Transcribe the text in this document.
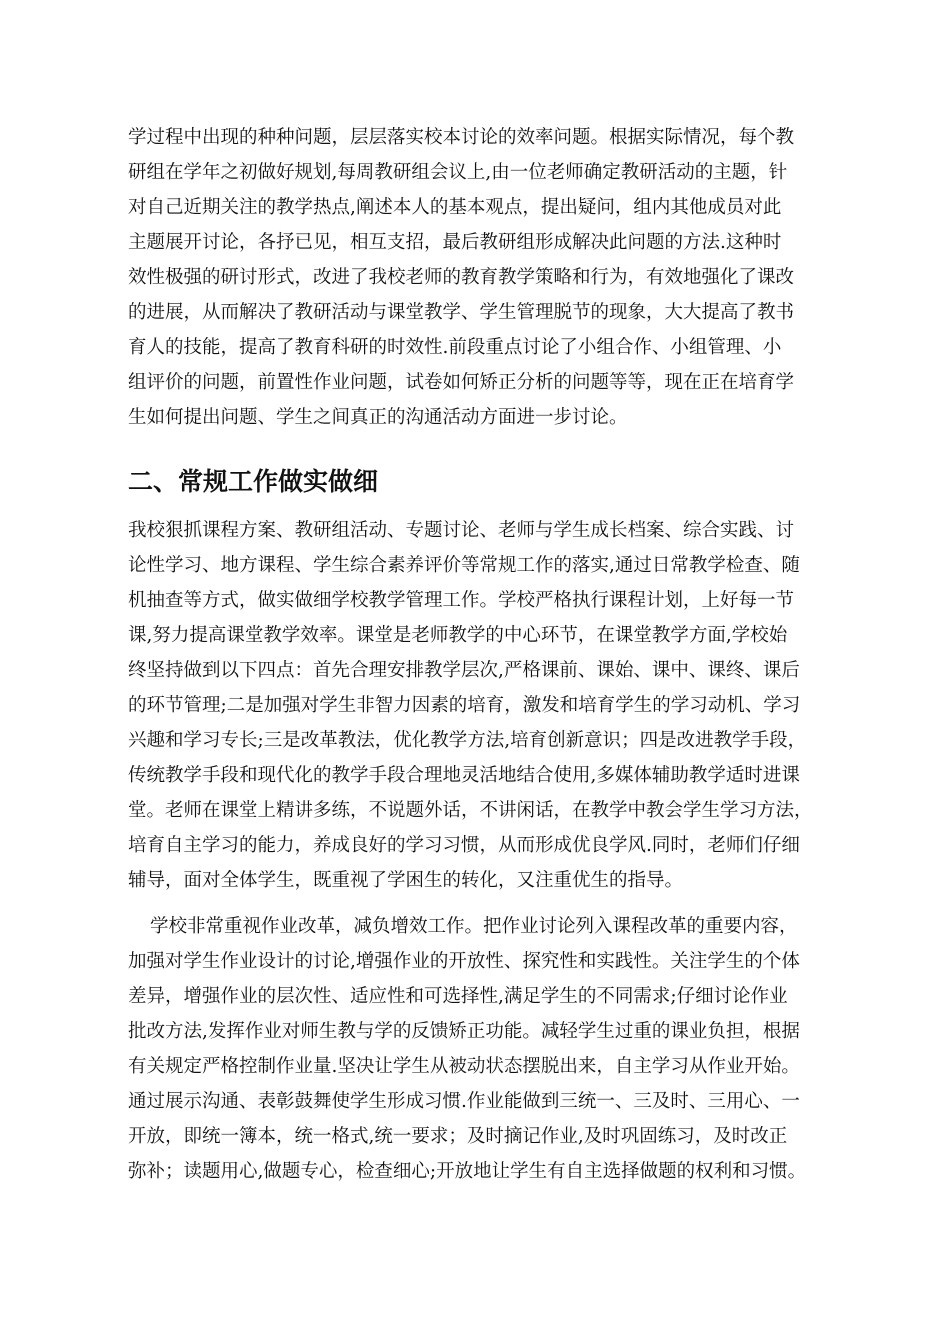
学过程中出现的种种问题，层层落实校本讨论的效率问题。根据实际情况，每个教
研组在学年之初做好规划,每周教研组会议上,由一位老师确定教研活动的主题，针
对自己近期关注的教学热点,阐述本人的基本观点，提出疑问，组内其他成员对此
主题展开讨论，各抒已见，相互支招，最后教研组形成解决此问题的方法.这种时
效性极强的研讨形式，改进了我校老师的教育教学策略和行为，有效地强化了课改
的进展，从而解决了教研活动与课堂教学、学生管理脱节的现象，大大提高了教书
育人的技能，提高了教育科研的时效性.前段重点讨论了小组合作、小组管理、小
组评价的问题，前置性作业问题，试卷如何矫正分析的问题等等，现在正在培育学
生如何提出问题、学生之间真正的沟通活动方面进一步讨论。
二、常规工作做实做细
我校狠抓课程方案、教研组活动、专题讨论、老师与学生成长档案、综合实践、讨
论性学习、地方课程、学生综合素养评价等常规工作的落实,通过日常教学检查、随
机抽查等方式，做实做细学校教学管理工作。学校严格执行课程计划，上好每一节
课,努力提高课堂教学效率。课堂是老师教学的中心环节，在课堂教学方面,学校始
终坚持做到以下四点：首先合理安排教学层次,严格课前、课始、课中、课终、课后
的环节管理;二是加强对学生非智力因素的培育，激发和培育学生的学习动机、学习
兴趣和学习专长;三是改革教法，优化教学方法,培育创新意识；四是改进教学手段，
传统教学手段和现代化的教学手段合理地灵活地结合使用,多媒体辅助教学适时进课
堂。老师在课堂上精讲多练，不说题外话，不讲闲话，在教学中教会学生学习方法，
培育自主学习的能力，养成良好的学习习惯，从而形成优良学风.同时，老师们仔细
辅导，面对全体学生，既重视了学困生的转化，又注重优生的指导。
学校非常重视作业改革，减负增效工作。把作业讨论列入课程改革的重要内容，
加强对学生作业设计的讨论,增强作业的开放性、探究性和实践性。关注学生的个体
差异，增强作业的层次性、适应性和可选择性,满足学生的不同需求;仔细讨论作业
批改方法,发挥作业对师生教与学的反馈矫正功能。减轻学生过重的课业负担，根据
有关规定严格控制作业量.坚决让学生从被动状态摆脱出来，自主学习从作业开始。
通过展示沟通、表彰鼓舞使学生形成习惯.作业能做到三统一、三及时、三用心、一
开放，即统一簿本，统一格式,统一要求；及时摘记作业,及时巩固练习，及时改正
弥补；读题用心,做题专心，检查细心;开放地让学生有自主选择做题的权利和习惯。
